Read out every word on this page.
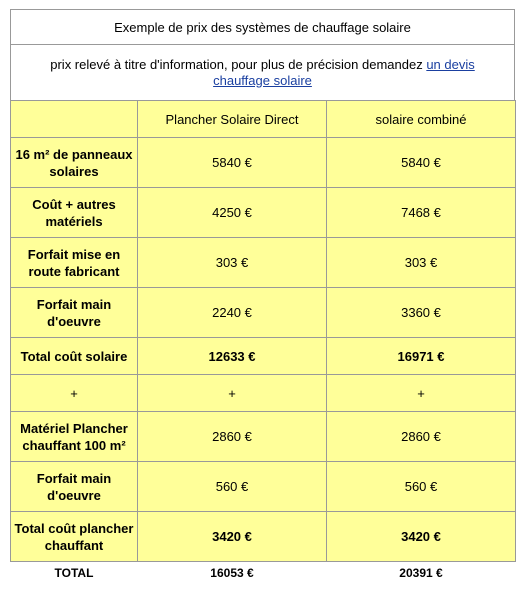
Exemple de prix des systèmes de chauffage solaire
prix relevé à titre d'information, pour plus de précision demandez un devis chauffage solaire
	Plancher Solaire Direct	solaire combiné
16 m² de panneaux solaires	5840 €	5840 €
Coût + autres matériels	4250 €	7468 €
Forfait mise en route fabricant	303 €	303 €
Forfait main d'oeuvre	2240 €	3360 €
Total coût solaire	12633 €	16971 €
+	+	+
Matériel Plancher chauffant 100 m²	2860 €	2860 €
Forfait main d'oeuvre	560 €	560 €
Total coût plancher chauffant	3420 €	3420 €
TOTAL	16053 €	20391 €
